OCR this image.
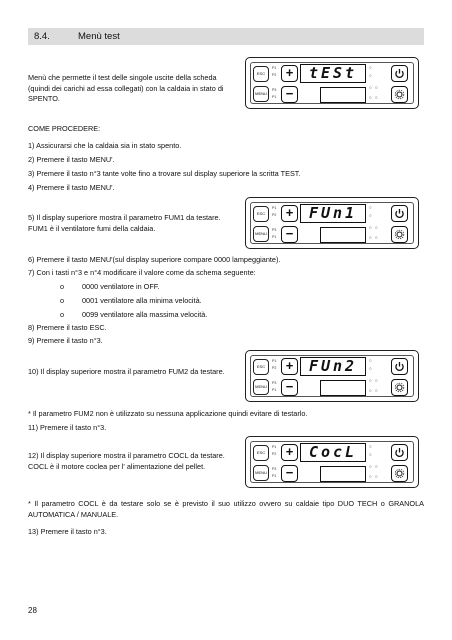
8.4.	Menù test
Menù che permette il test delle singole uscite della scheda (quindi dei carichi ad essa collegati) con la caldaia in stato di SPENTO.
COME PROCEDERE:
1) Assicurarsi che la caldaia sia in stato spento.
2) Premere il tasto MENU'.
3) Premere il tasto n°3 tante volte fino a trovare sul display superiore la scritta TEST.
4) Premere il tasto MENU'.
5) Il display superiore mostra il parametro FUM1 da testare. FUM1 è il ventilatore fumi della caldaia.
6) Premere il tasto MENU'(sul display superiore compare 0000 lampeggiante).
7) Con i tasti n°3 e n°4 modificare il valore come da schema seguente:
o 0000 ventilatore in OFF.
o 0001 ventilatore alla minima velocità.
o 0099 ventilatore alla massima velocità.
8) Premere il tasto ESC.
9) Premere il tasto n°3.
10) Il display superiore mostra il parametro FUM2 da testare.
* Il parametro FUM2 non è utilizzato su nessuna applicazione quindi evitare di testarlo.
11) Premere il tasto n°3.
12) Il display superiore mostra il parametro COCL da testare. COCL è il motore coclea per l' alimentazione del pellet.
* Il parametro COCL è da testare solo se è previsto il suo utilizzo ovvero su caldaie tipo DUO TECH o GRANOLA AUTOMATICA / MANUALE.
13) Premere il tasto n°3.
ESC
MENU
P1
P2
P3
P1
+
−
tESt	○
○
○ ○
○ ○
ESC
MENU
P1
P2
P3
P1
+
−
FUn1	○
○
○ ○
○ ○
ESC
MENU
P1
P2
P3
P1
+
−
FUn2	○
○
○ ○
○ ○
ESC
MENU
P1
P2
P3
P1
+
−
CocL	○
○
○ ○
○ ○
28
